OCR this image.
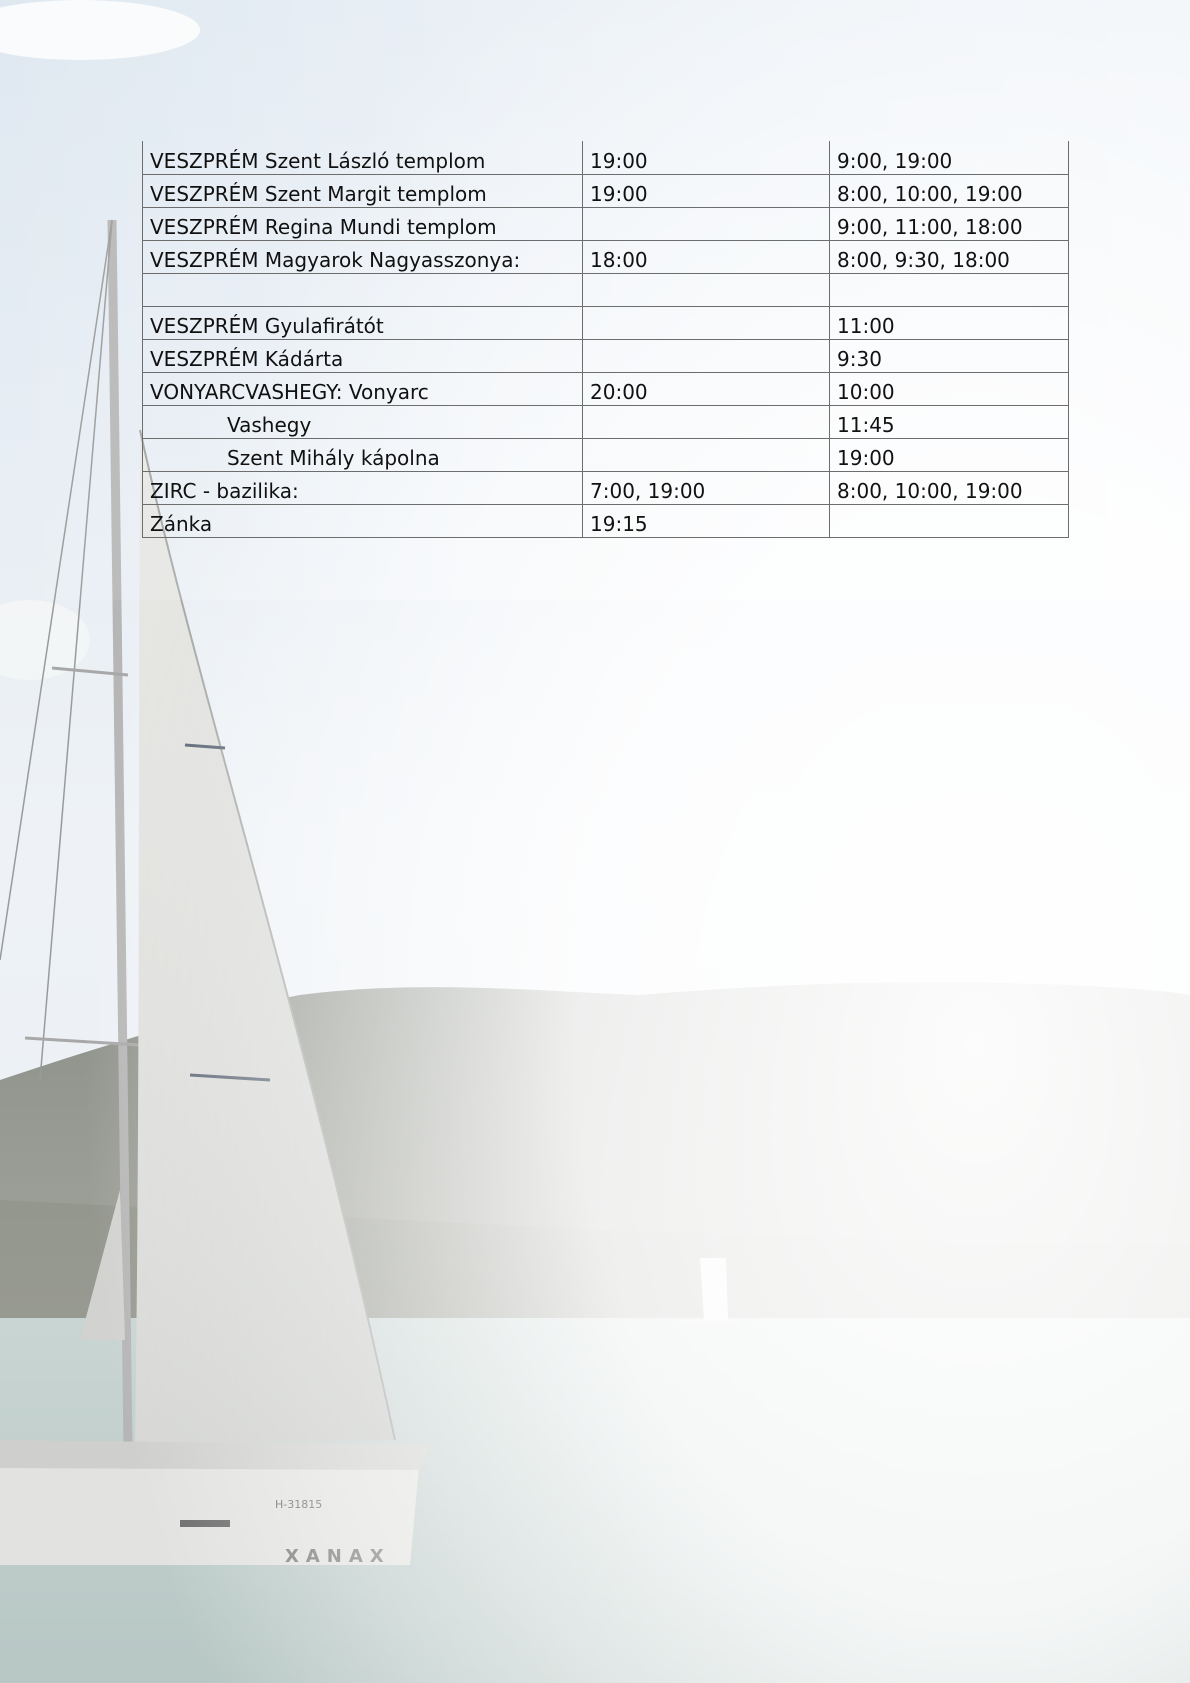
VESZPRÉM Szent László templom	19:00	9:00, 19:00
VESZPRÉM Szent Margit templom	19:00	8:00, 10:00, 19:00
VESZPRÉM Regina Mundi templom		9:00, 11:00, 18:00
VESZPRÉM Magyarok Nagyasszonya:	18:00	8:00, 9:30, 18:00

VESZPRÉM Gyulafirátót		11:00
VESZPRÉM Kádárta		9:30
VONYARCVASHEGY: Vonyarc	20:00	10:00
Vashegy		11:45
Szent Mihály kápolna		19:00
ZIRC - bazilika:	7:00, 19:00	8:00, 10:00, 19:00
Zánka	19:15	
